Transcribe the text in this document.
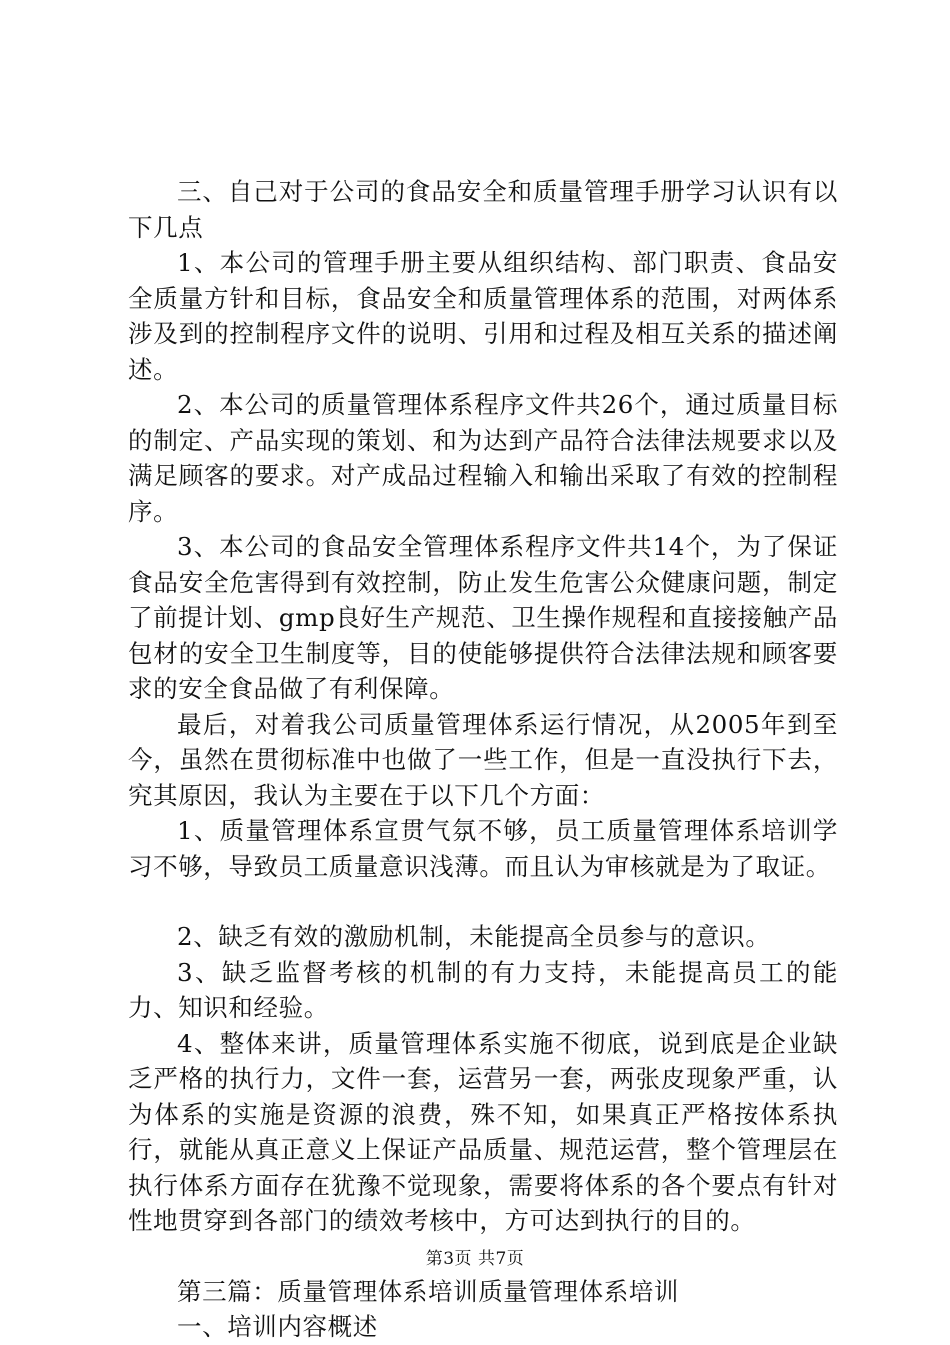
三、自己对于公司的食品安全和质量管理手册学习认识有以下几点

1、本公司的管理手册主要从组织结构、部门职责、食品安全质量方针和目标，食品安全和质量管理体系的范围，对两体系涉及到的控制程序文件的说明、引用和过程及相互关系的描述阐述。

2、本公司的质量管理体系程序文件共26个，通过质量目标的制定、产品实现的策划、和为达到产品符合法律法规要求以及满足顾客的要求。对产成品过程输入和输出采取了有效的控制程序。

3、本公司的食品安全管理体系程序文件共14个，为了保证食品安全危害得到有效控制，防止发生危害公众健康问题，制定了前提计划、gmp良好生产规范、卫生操作规程和直接接触产品包材的安全卫生制度等，目的使能够提供符合法律法规和顾客要求的安全食品做了有利保障。

最后，对着我公司质量管理体系运行情况，从2005年到至今，虽然在贯彻标准中也做了一些工作，但是一直没执行下去，究其原因，我认为主要在于以下几个方面：

1、质量管理体系宣贯气氛不够，员工质量管理体系培训学习不够，导致员工质量意识浅薄。而且认为审核就是为了取证。

2、缺乏有效的激励机制，未能提高全员参与的意识。

3、缺乏监督考核的机制的有力支持，未能提高员工的能力、知识和经验。

4、整体来讲，质量管理体系实施不彻底，说到底是企业缺乏严格的执行力，文件一套，运营另一套，两张皮现象严重，认为体系的实施是资源的浪费，殊不知，如果真正严格按体系执行，就能从真正意义上保证产品质量、规范运营，整个管理层在执行体系方面存在犹豫不觉现象，需要将体系的各个要点有针对性地贯穿到各部门的绩效考核中，方可达到执行的目的。

第三篇：质量管理体系培训质量管理体系培训

一、培训内容概述

第3页 共7页
